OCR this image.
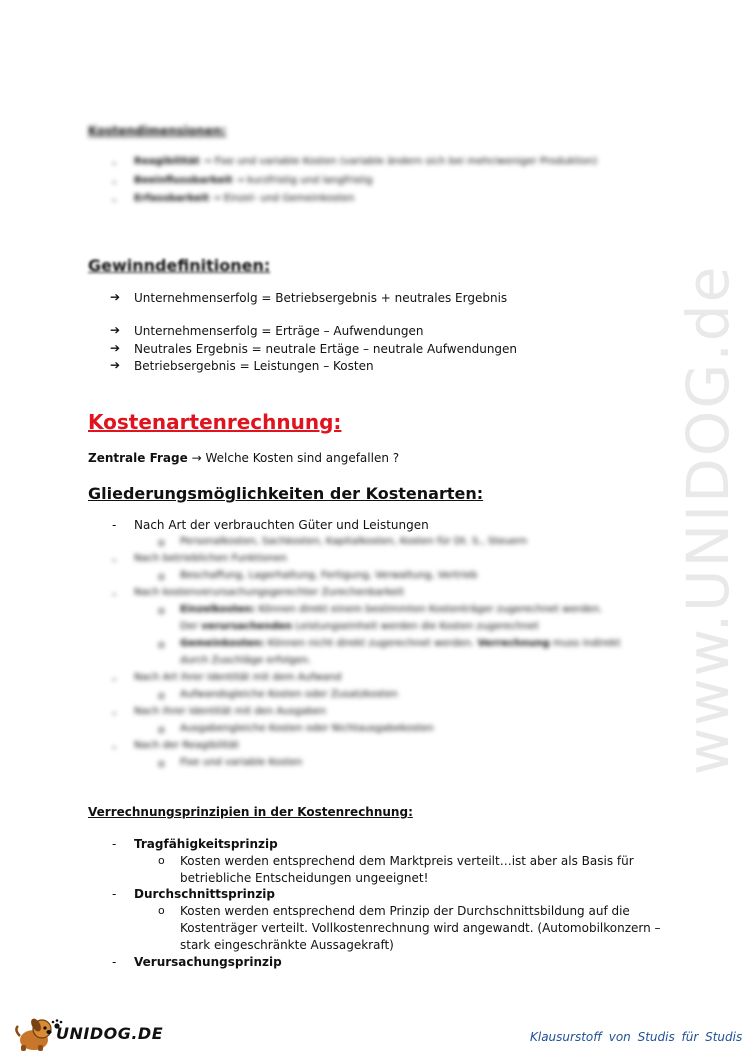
www.UNIDOG.de
Kostendimensionen:
- Reagibilität → Fixe und variable Kosten (variable ändern sich bei mehr/weniger Produktion)
- Beeinflussbarkeit → kurzfristig und langfristig
- Erfassbarkeit → Einzel- und Gemeinkosten
Gewinndefinitionen:
➔ Unternehmenserfolg = Betriebsergebnis + neutrales Ergebnis
➔ Unternehmenserfolg = Erträge – Aufwendungen
➔ Neutrales Ergebnis = neutrale Ertäge – neutrale Aufwendungen
➔ Betriebsergebnis = Leistungen – Kosten
Kostenartenrechnung:
Zentrale Frage → Welche Kosten sind angefallen ?
Gliederungsmöglichkeiten der Kostenarten:
- Nach Art der verbrauchten Güter und Leistungen
o Personalkosten, Sachkosten, Kapitalkosten, Kosten für Dt. S., Steuern
- Nach betrieblichen Funktionen
o Beschaffung, Lagerhaltung, Fertigung, Verwaltung, Vertrieb
- Nach kostenverursachungsgerechter Zurechenbarkeit
o Einzelkosten: Können direkt einem bestimmten Kostenträger zugerechnet werden.
Der verursachenden Leistungseinheit werden die Kosten zugerechnet
o Gemeinkosten: Können nicht direkt zugerechnet werden. Verrechnung muss indirekt
durch Zuschläge erfolgen.
- Nach Art ihrer Identität mit dem Aufwand
o Aufwandsgleiche Kosten oder Zusatzkosten
- Nach ihrer Identität mit den Ausgaben
o Ausgabengleiche Kosten oder Nichtausgabekosten
- Nach der Reagibilität
o Fixe und variable Kosten
Verrechnungsprinzipien in der Kostenrechnung:
- Tragfähigkeitsprinzip
o Kosten werden entsprechend dem Marktpreis verteilt…ist aber als Basis für
betriebliche Entscheidungen ungeeignet!
- Durchschnittsprinzip
o Kosten werden entsprechend dem Prinzip der Durchschnittsbildung auf die
Kostenträger verteilt. Vollkostenrechnung wird angewandt. (Automobilkonzern –
stark eingeschränkte Aussagekraft)
- Verursachungsprinzip
UNIDOG.DE	Klausurstoff von Studis für Studis
